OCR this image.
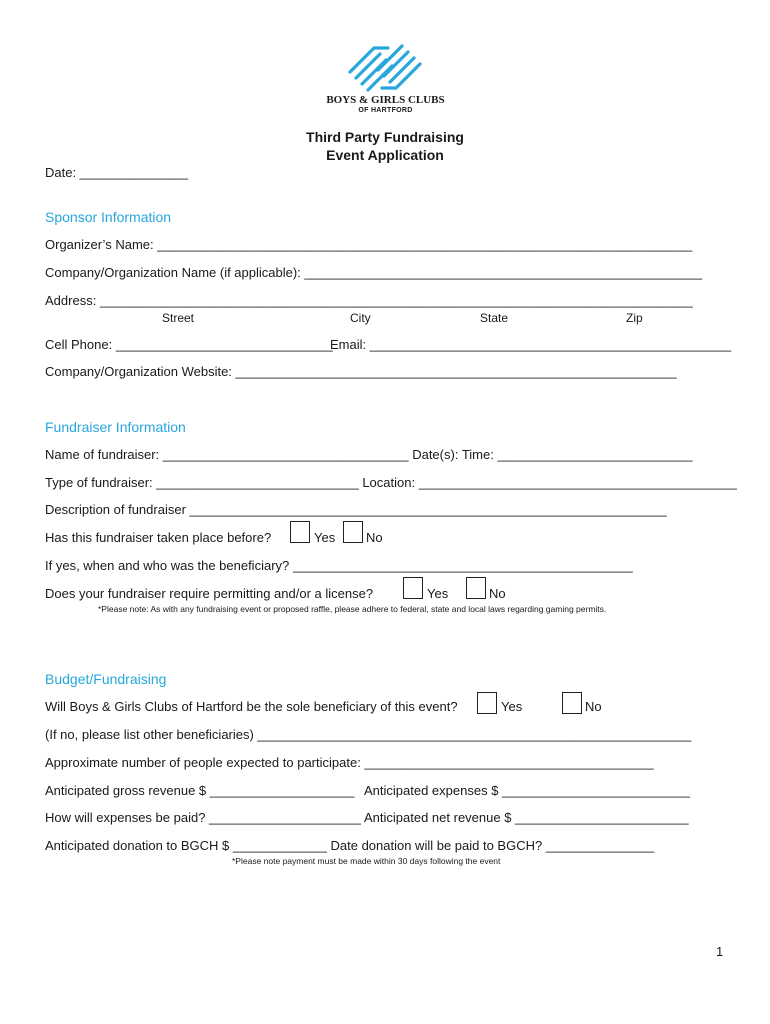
BOYS & GIRLS CLUBS
OF HARTFORD
Third Party Fundraising
Event Application
Date: _______________
Sponsor Information
Organizer’s Name: __________________________________________________________________________
Company/Organization Name (if applicable): _______________________________________________________
Address: __________________________________________________________________________________
Street	City	State	Zip
Cell Phone: ______________________________
Email: __________________________________________________
Company/Organization Website: _____________________________________________________________
Fundraiser Information
Name of fundraiser: __________________________________ Date(s): Time: ___________________________
Type of fundraiser: ____________________________ Location: ____________________________________________
Description of fundraiser __________________________________________________________________
Has this fundraiser taken place before?	Yes No
If yes, when and who was the beneficiary? _______________________________________________
Does your fundraiser require permitting and/or a license?	Yes	No
*Please note: As with any fundraising event or proposed raffle, please adhere to federal, state and local laws regarding gaming permits.
Budget/Fundraising
Will Boys & Girls Clubs of Hartford be the sole beneficiary of this event?	Yes	No
(If no, please list other beneficiaries) ____________________________________________________________
Approximate number of people expected to participate: ________________________________________
Anticipated gross revenue $ ____________________ Anticipated expenses $ __________________________
How will expenses be paid? _____________________ Anticipated net revenue $ ________________________
Anticipated donation to BGCH $ _____________ Date donation will be paid to BGCH? _______________
*Please note payment must be made within 30 days following the event
1
